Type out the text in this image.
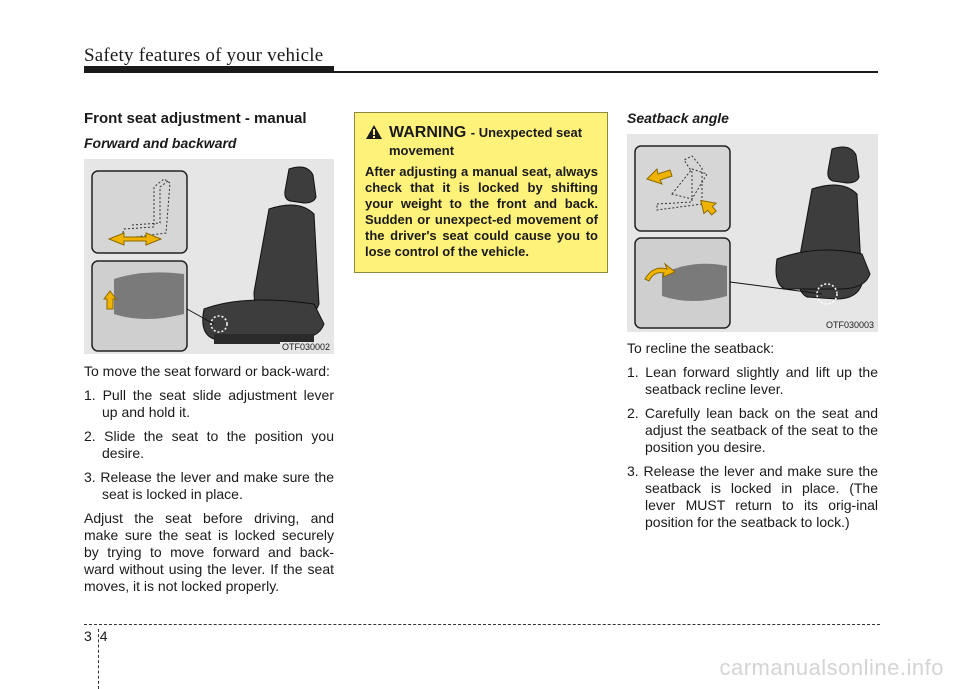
Safety features of your vehicle
Front seat adjustment - manual
Forward and backward
OTF030002

To move the seat forward or back-ward:

1. Pull the seat slide adjustment lever up and hold it.
2. Slide the seat to the position you desire.
3. Release the lever and make sure the seat is locked in place.

Adjust the seat before driving, and make sure the seat is locked securely by trying to move forward and back-ward without using the lever. If the seat moves, it is not locked properly.

WARNING - Unexpected seat movement

After adjusting a manual seat, always check that it is locked by shifting your weight to the front and back. Sudden or unexpect-ed movement of the driver's seat could cause you to lose control of the vehicle.

Seatback angle
OTF030003

To recline the seatback:

1. Lean forward slightly and lift up the seatback recline lever.
2. Carefully lean back on the seat and adjust the seatback of the seat to the position you desire.
3. Release the lever and make sure the seatback is locked in place. (The lever MUST return to its orig-inal position for the seatback to lock.)
34
carmanualsonline.info
